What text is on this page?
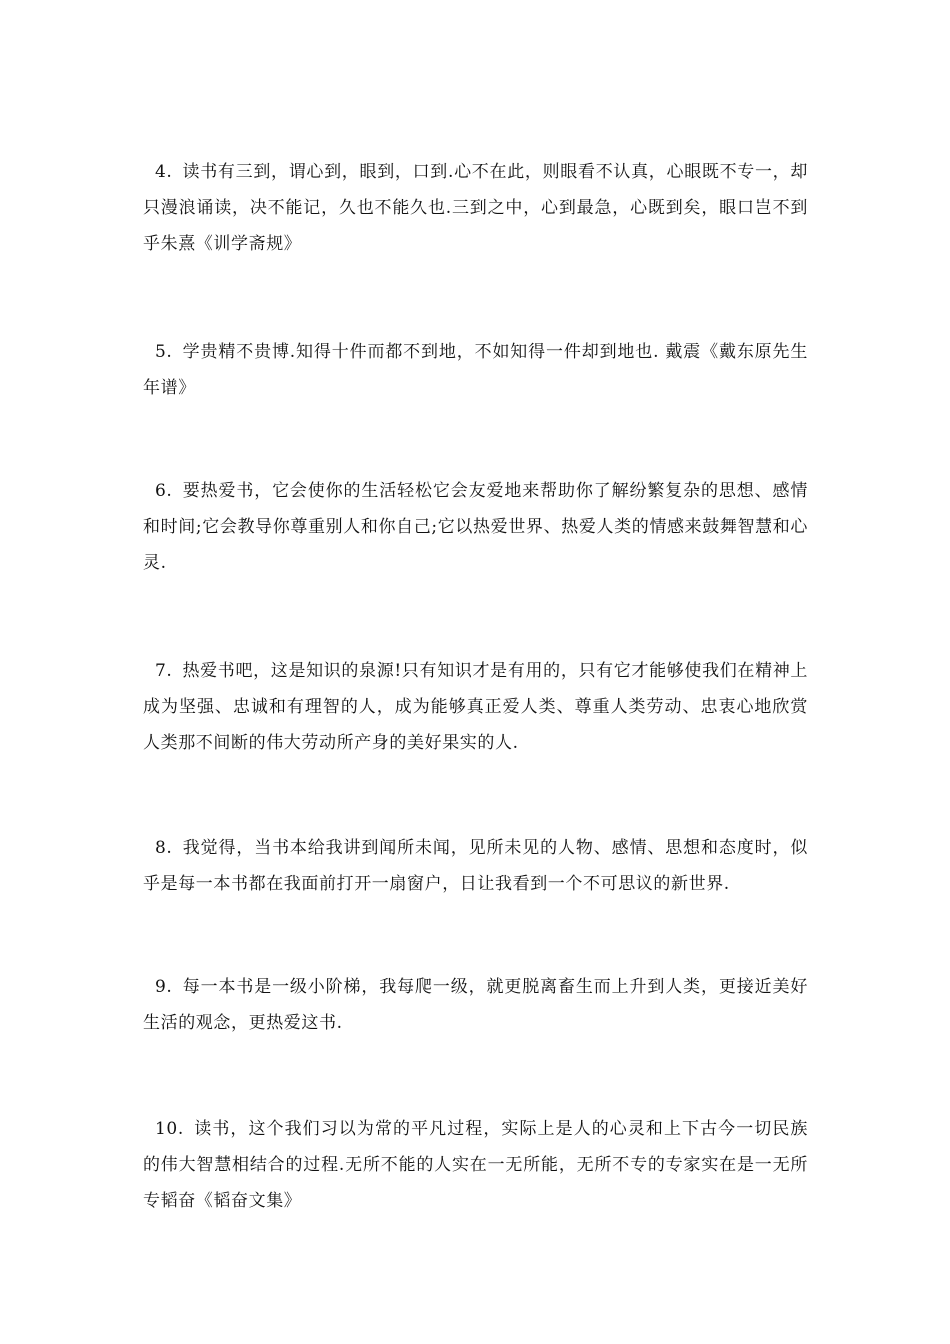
4. 读书有三到，谓心到，眼到，口到.心不在此，则眼看不认真，心眼既不专一，却只漫浪诵读，决不能记，久也不能久也.三到之中，心到最急，心既到矣，眼口岂不到乎朱熹《训学斋规》

5. 学贵精不贵博.知得十件而都不到地，不如知得一件却到地也. 戴震《戴东原先生年谱》

6. 要热爱书，它会使你的生活轻松它会友爱地来帮助你了解纷繁复杂的思想、感情和时间;它会教导你尊重别人和你自己;它以热爱世界、热爱人类的情感来鼓舞智慧和心灵.

7. 热爱书吧，这是知识的泉源!只有知识才是有用的，只有它才能够使我们在精神上成为坚强、忠诚和有理智的人，成为能够真正爱人类、尊重人类劳动、忠衷心地欣赏人类那不间断的伟大劳动所产身的美好果实的人.

8. 我觉得，当书本给我讲到闻所未闻，见所未见的人物、感情、思想和态度时，似乎是每一本书都在我面前打开一扇窗户，日让我看到一个不可思议的新世界.

9. 每一本书是一级小阶梯，我每爬一级，就更脱离畜生而上升到人类，更接近美好生活的观念，更热爱这书.

10. 读书，这个我们习以为常的平凡过程，实际上是人的心灵和上下古今一切民族的伟大智慧相结合的过程.无所不能的人实在一无所能，无所不专的专家实在是一无所专韬奋《韬奋文集》
